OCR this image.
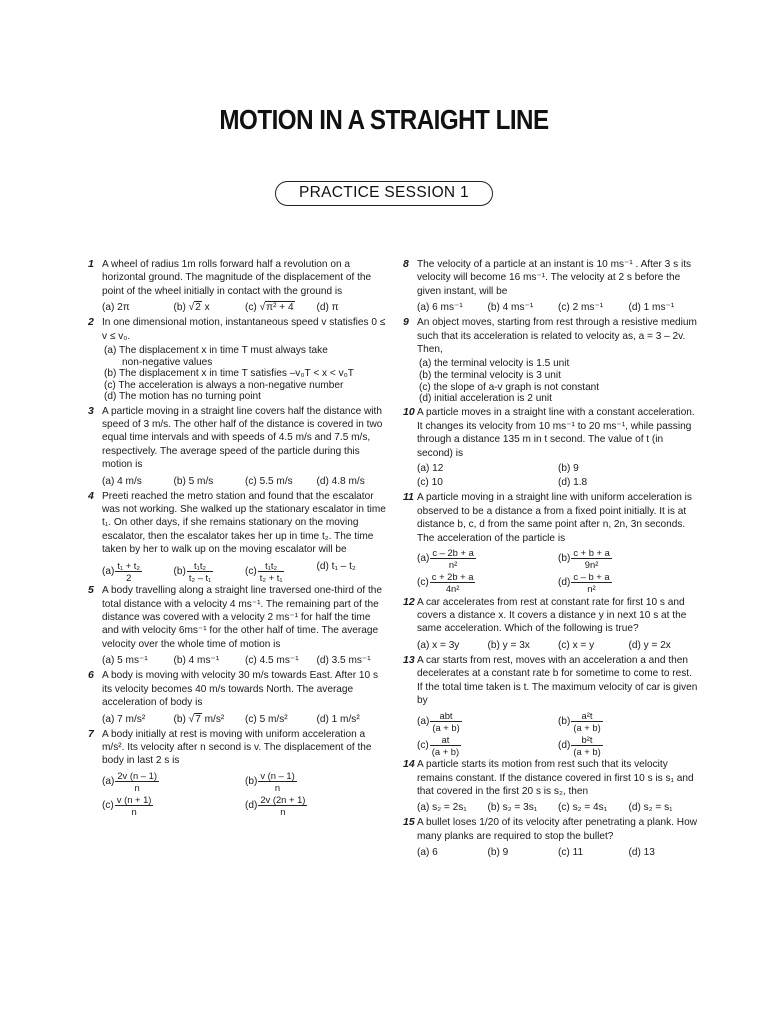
MOTION IN A STRAIGHT LINE
PRACTICE SESSION 1
1 A wheel of radius 1m rolls forward half a revolution on a horizontal ground. The magnitude of the displacement of the point of the wheel initially in contact with the ground is
(a) 2π	(b) √2 x	(c) √π² + 4	(d) π
2 In one dimensional motion, instantaneous speed v statisfies 0 ≤ v ≤ v₀.
(a) The displacement x in time T must always take
non-negative values
(b) The displacement x in time T satisfies –v₀T < x < v₀T
(c) The acceleration is always a non-negative number
(d) The motion has no turning point
3 A particle moving in a straight line covers half the distance with speed of 3 m/s. The other half of the distance is covered in two equal time intervals and with speeds of 4.5 m/s and 7.5 m/s, respectively. The average speed of the particle during this motion is
(a) 4 m/s	(b) 5 m/s	(c) 5.5 m/s	(d) 4.8 m/s
4 Preeti reached the metro station and found that the escalator was not working. She walked up the stationary escalator in time t₁. On other days, if she remains stationary on the moving escalator, then the escalator takes her up in time t₂. The time taken by her to walk up on the moving escalator will be
$(a) \frac{\text{t₁ + t₂}}{2}$	$(b) \frac{\text{t₁t₂}}{\text{t₂ – t₁}}$	$(c) \frac{\text{t₁t₂}}{\text{t₂ + t₁}}$	(d) t₁ – t₂
5 A body travelling along a straight line traversed one-third of the total distance with a velocity 4 ms⁻¹. The remaining part of the distance was covered with a velocity 2 ms⁻¹ for half the time and with velocity 6ms⁻¹ for the other half of time. The average velocity over the whole time of motion is
(a) 5 ms⁻¹	(b) 4 ms⁻¹	(c) 4.5 ms⁻¹	(d) 3.5 ms⁻¹
6 A body is moving with velocity 30 m/s towards East. After 10 s its velocity becomes 40 m/s towards North. The average acceleration of body is
(a) 7 m/s²	(b) √7 m/s²	(c) 5 m/s²	(d) 1 m/s²
7 A body initially at rest is moving with uniform acceleration a m/s². Its velocity after n second is v. The displacement of the body in last 2 s is
$(a) \frac{2v (n - 1)}{n}$	$(b) \frac{v (n - 1)}{n}$
$(c) \frac{v (n + 1)}{n}$	$(d) \frac{2v (2n + 1)}{n}$
8 The velocity of a particle at an instant is 10 ms⁻¹ . After 3 s its velocity will become 16 ms⁻¹. The velocity at 2 s before the given instant, will be
(a) 6 ms⁻¹	(b) 4 ms⁻¹	(c) 2 ms⁻¹	(d) 1 ms⁻¹
9 An object moves, starting from rest through a resistive medium such that its acceleration is related to velocity as, a = 3 – 2v. Then,
(a) the terminal velocity is 1.5 unit
(b) the terminal velocity is 3 unit
(c) the slope of a-v graph is not constant
(d) initial acceleration is 2 unit
10 A particle moves in a straight line with a constant acceleration. It changes its velocity from 10 ms⁻¹ to 20 ms⁻¹, while passing through a distance 135 m in t second. The value of t (in second) is
(a) 12	(b) 9
(c) 10	(d) 1.8
11 A particle moving in a straight line with uniform acceleration is observed to be a distance a from a fixed point initially. It is at distance b, c, d from the same point after n, 2n, 3n seconds. The acceleration of the particle is
$(a) \frac{c - 2b + a}{\text{n²}}$	$(b) \frac{c + b + a}{\text{9n²}}$
$(c) \frac{c + 2b + a}{\text{4n²}}$	$(d) \frac{c - b + a}{\text{n²}}$
12 A car accelerates from rest at constant rate for first 10 s and covers a distance x. It covers a distance y in next 10 s at the same acceleration. Which of the following is true?
(a) x = 3y	(b) y = 3x	(c) x = y	(d) y = 2x
13 A car starts from rest, moves with an acceleration a and then decelerates at a constant rate b for sometime to come to rest. If the total time taken is t. The maximum velocity of car is given by
$(a) \frac{\text{abt}}{(a + b)}$	$(b) \frac{\text{a²t}}{(a + b)}$
$(c) \frac{at}{(a + b)}$	$(d) \frac{\text{b²t}}{(a + b)}$
14 A particle starts its motion from rest such that its velocity remains constant. If the distance covered in first 10 s is s₁ and that covered in the first 20 s is s₂, then
(a) s₂ = 2s₁	(b) s₂ = 3s₁	(c) s₂ = 4s₁	(d) s₂ = s₁
15 A bullet loses 1/20 of its velocity after penetrating a plank. How many planks are required to stop the bullet?
(a) 6	(b) 9	(c) 11	(d) 13
